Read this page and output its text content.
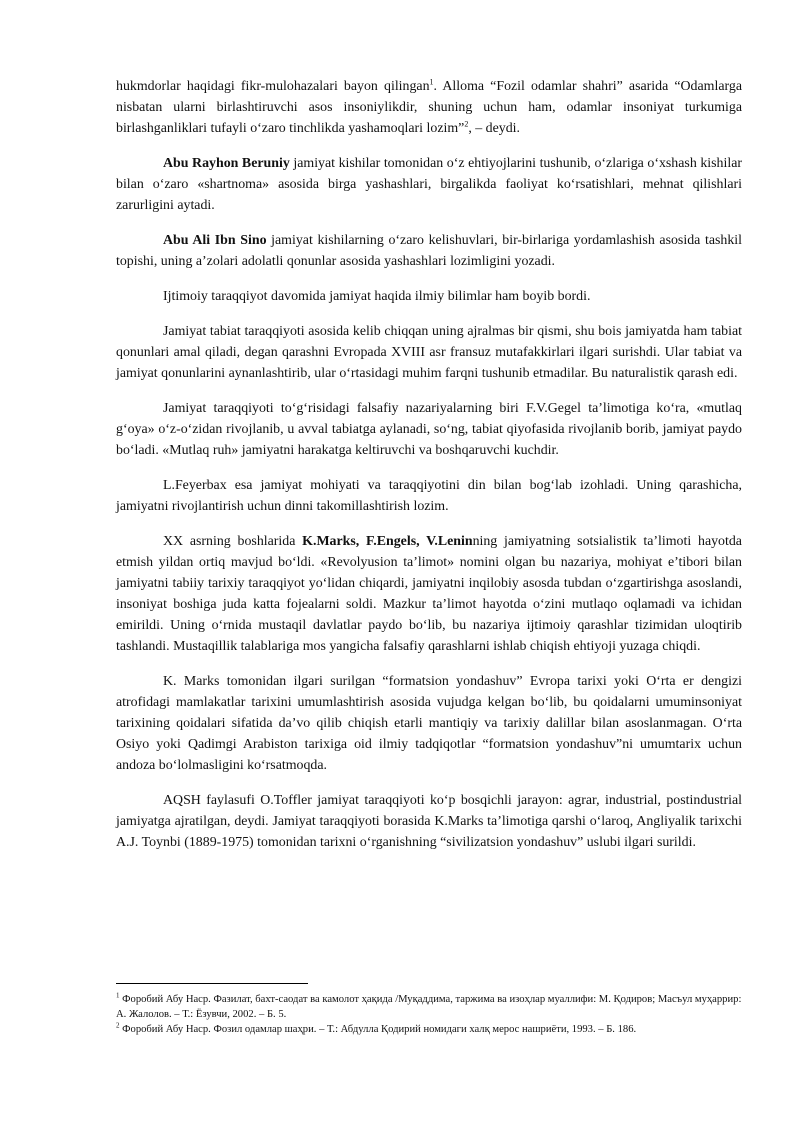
hukmdorlar haqidagi fikr-mulohazalari bayon qilingan$^1$. Alloma “Fozil odamlar shahri” asarida “Odamlarga nisbatan ularni birlashtiruvchi asos insoniylikdir, shuning uchun ham, odamlar insoniyat turkumiga birlashganliklari tufayli o‘zaro tinchlikda yashamoqlari lozim”$^2$, – deydi.

Abu Rayhon Beruniy jamiyat kishilar tomonidan o‘z ehtiyojlarini tushunib, o‘zlariga o‘xshash kishilar bilan o‘zaro «shartnoma» asosida birga yashashlari, birgalikda faoliyat ko‘rsatishlari, mehnat qilishlari zarurligini aytadi.

Abu Ali Ibn Sino jamiyat kishilarning o‘zaro kelishuvlari, bir-birlariga yordamlashish asosida tashkil topishi, uning a’zolari adolatli qonunlar asosida yashashlari lozimligini yozadi.

Ijtimoiy taraqqiyot davomida jamiyat haqida ilmiy bilimlar ham boyib bordi.

Jamiyat tabiat taraqqiyoti asosida kelib chiqqan uning ajralmas bir qismi, shu bois jamiyatda ham tabiat qonunlari amal qiladi, degan qarashni Evropada XVIII asr fransuz mutafakkirlari ilgari surishdi. Ular tabiat va jamiyat qonunlarini aynanlashtirib, ular o‘rtasidagi muhim farqni tushunib etmadilar. Bu naturalistik qarash edi.

Jamiyat taraqqiyoti to‘g‘risidagi falsafiy nazariyalarning biri F.V.Gegel ta’limotiga ko‘ra, «mutlaq g‘oya» o‘z-o‘zidan rivojlanib, u avval tabiatga aylanadi, so‘ng, tabiat qiyofasida rivojlanib borib, jamiyat paydo bo‘ladi. «Mutlaq ruh» jamiyatni harakatga keltiruvchi va boshqaruvchi kuchdir.

L.Feyerbax esa jamiyat mohiyati va taraqqiyotini din bilan bog‘lab izohladi. Uning qarashicha, jamiyatni rivojlantirish uchun dinni takomillashtirish lozim.

XX asrning boshlarida K.Marks, F.Engels, V.Leninning jamiyatning sotsialistik ta’limoti hayotda etmish yildan ortiq mavjud bo‘ldi. «Revolyusion ta’limot» nomini olgan bu nazariya, mohiyat e’tibori bilan jamiyatni tabiiy tarixiy taraqqiyot yo‘lidan chiqardi, jamiyatni inqilobiy asosda tubdan o‘zgartirishga asoslandi, insoniyat boshiga juda katta fojealarni soldi. Mazkur ta’limot hayotda o‘zini mutlaqo oqlamadi va ichidan emirildi. Uning o‘rnida mustaqil davlatlar paydo bo‘lib, bu nazariya ijtimoiy qarashlar tizimidan uloqtirib tashlandi. Mustaqillik talablariga mos yangicha falsafiy qarashlarni ishlab chiqish ehtiyoji yuzaga chiqdi.

K. Marks tomonidan ilgari surilgan “formatsion yondashuv” Evropa tarixi yoki O‘rta er dengizi atrofidagi mamlakatlar tarixini umumlashtirish asosida vujudga kelgan bo‘lib, bu qoidalarni umuminsoniyat tarixining qoidalari sifatida da’vo qilib chiqish etarli mantiqiy va tarixiy dalillar bilan asoslanmagan. O‘rta Osiyo yoki Qadimgi Arabiston tarixiga oid ilmiy tadqiqotlar “formatsion yondashuv”ni umumtarix uchun andoza bo‘lolmasligini ko‘rsatmoqda.

AQSH faylasufi O.Toffler jamiyat taraqqiyoti ko‘p bosqichli jarayon: agrar, industrial, postindustrial jamiyatga ajratilgan, deydi. Jamiyat taraqqiyoti borasida K.Marks ta’limotiga qarshi o‘laroq, Angliyalik tarixchi A.J. Toynbi (1889-1975) tomonidan tarixni o‘rganishning “sivilizatsion yondashuv” uslubi ilgari surildi.

$^1$ Форобий Абу Наср. Фазилат, бахт-саодат ва камолот ҳақида /Муқаддима, таржима ва изоҳлар муаллифи: М. Қодиров; Масъул муҳаррир: А. Жалолов. – Т.: Ёзувчи, 2002. – Б. 5.

$^2$ Форобий Абу Наср. Фозил одамлар шаҳри. – Т.: Абдулла Қодирий номидаги халқ мерос нашриёти, 1993. – Б. 186.
